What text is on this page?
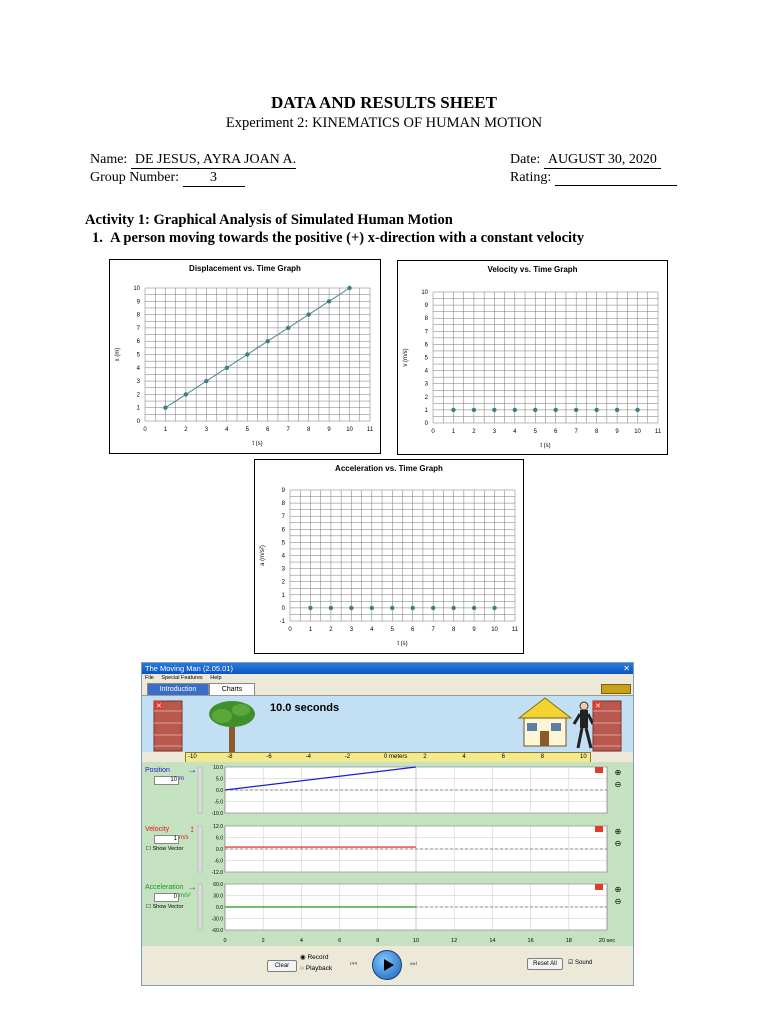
DATA AND RESULTS SHEET
Experiment 2: KINEMATICS OF HUMAN MOTION
Name: DE JESUS, AYRA JOAN A.
Group Number: 3
Date: AUGUST 30, 2020
Rating:
Activity 1: Graphical Analysis of Simulated Human Motion
1.  A person moving towards the positive (+) x-direction with a constant velocity
Displacement vs. Time Graph
0	1	2	3	4	5	6	7	8	9	10 11
0
1
2
3
4
5
6
7
8
9
10
t (s)
x (m)
Velocity vs. Time Graph
0	1	2	3	4	5	6	7	8	9	10 11
0
1
2
3
4
5
6
7
8
9
10
t (s)
v (m/s)
Acceleration vs. Time Graph
0	1	2	3	4	5	6	7	8	9	10 11
-1
0
1
2
3
4
5
6
7
8
9
t (s)
a (m/s²)
The Moving Man (2.05.01)	✕
File Special Features Help
Introduction	Charts
✕	✕
10.0 seconds
-10	-8	-6	-4	-2	0 meters	2	4	6	8	10
10.0
5.0
0.0
-5.0
-10.0
→	⊕
⊖
12.0
6.0
0.0
-6.0
-12.0
↕	⊕
⊖
60.0
30.0
0.0
-30.0
-60.0
→	⊕
⊖
0	2	4	6	8	10	12	14	16	18	20 sec
Position
10 m
Velocity
1 m/s
☐ Show Vector
Acceleration
0 m/s²
☐ Show Vector
Clear
◉ Record
○ Playback
⏮	⏭	Reset All	☑ Sound
